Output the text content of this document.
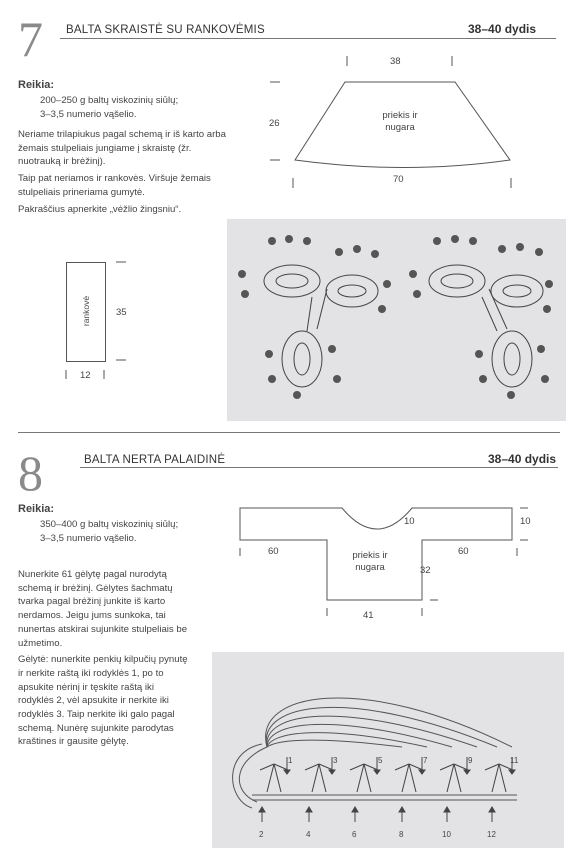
7 BALTA SKRAISTĖ SU RANKOVĖMIS	38–40 dydis
Reikia:
200–250 g baltų viskozinių siūlų;
3–3,5 numerio vąšelio.

Neriame trilapiukus pagal schemą ir iš karto arba žemais stulpeliais jungiame į skraistę (žr. nuotrauką ir brėžinį).

Taip pat neriamos ir rankovės. Viršuje žemais stulpeliais prineriama gumytė.

Pakraščius apnerkite „vėžlio žingsniu“.

38
26
70
priekis ir
nugara
rankovė	35
12
8	BALTA NERTA PALAIDINĖ	38–40 dydis
Reikia:
350–400 g baltų viskozinių siūlų;
3–3,5 numerio vąšelio.

Nunerkite 61 gėlytę pagal nurodytą schemą ir brėžinį. Gėlytes šachmatų tvarka pagal brėžinį junkite iš karto nerdamos. Jeigu jums sunkoka, tai nunertas atskirai sujunkite stulpeliais be užmetimo.

Gėlytė: nunerkite penkių kilpučių pynutę ir nerkite raštą iki rodyklės 1, po to apsukite nėrinį ir tęskite raštą iki rodyklės 2, vėl apsukite ir nerkite iki rodyklės 3. Taip nerkite iki galo pagal schemą. Nunėrę sujunkite parodytas kraštines ir gausite gėlytę.

10	10
60	60
priekis ir
nugara	32
41
1	3	5	7	9	11
2	4	6	8	10	12
